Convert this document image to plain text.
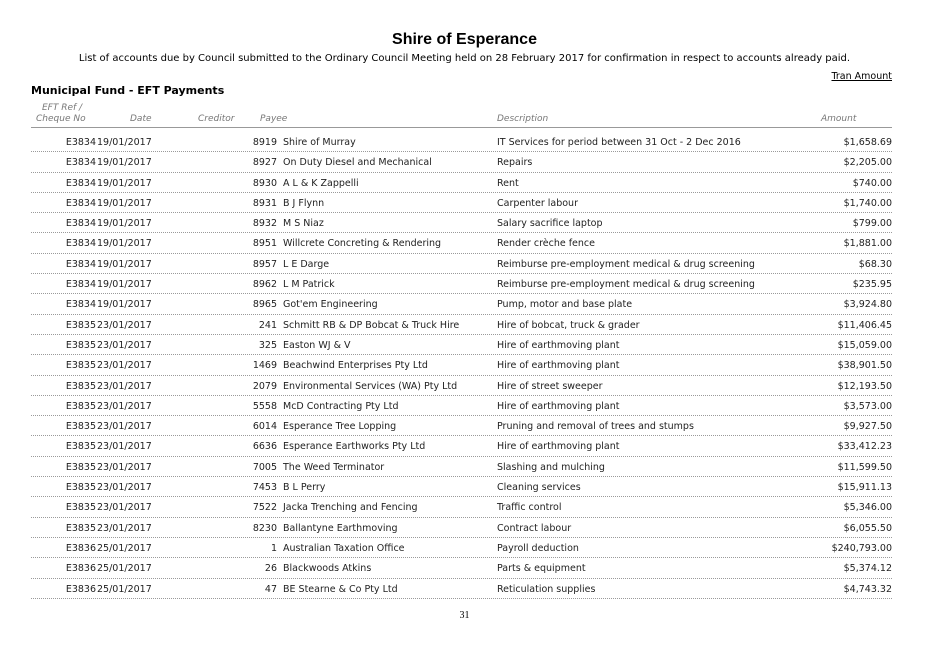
Shire of Esperance
List of accounts due by Council submitted to the Ordinary Council Meeting held on 28 February 2017 for confirmation in respect to accounts already paid.
Tran Amount
Municipal Fund - EFT Payments
EFT Ref /
Cheque No	Date	Creditor	Payee	Description	Amount
E3834 19/01/2017	8919 Shire of Murray	IT Services for period between 31 Oct - 2 Dec 2016	$1,658.69
E3834 19/01/2017	8927 On Duty Diesel and Mechanical	Repairs	$2,205.00
E3834 19/01/2017	8930 A L & K Zappelli	Rent	$740.00
E3834 19/01/2017	8931 B J Flynn	Carpenter labour	$1,740.00
E3834 19/01/2017	8932 M S Niaz	Salary sacrifice laptop	$799.00
E3834 19/01/2017	8951 Willcrete Concreting & Rendering	Render crèche fence	$1,881.00
E3834 19/01/2017	8957 L E Darge	Reimburse pre-employment medical & drug screening	$68.30
E3834 19/01/2017	8962 L M Patrick	Reimburse pre-employment medical & drug screening	$235.95
E3834 19/01/2017	8965 Got'em Engineering	Pump, motor and base plate	$3,924.80
E3835 23/01/2017	241 Schmitt RB & DP Bobcat & Truck Hire	Hire of bobcat, truck & grader	$11,406.45
E3835 23/01/2017	325 Easton WJ & V	Hire of earthmoving plant	$15,059.00
E3835 23/01/2017	1469 Beachwind Enterprises Pty Ltd	Hire of earthmoving plant	$38,901.50
E3835 23/01/2017	2079 Environmental Services (WA) Pty Ltd	Hire of street sweeper	$12,193.50
E3835 23/01/2017	5558 McD Contracting Pty Ltd	Hire of earthmoving plant	$3,573.00
E3835 23/01/2017	6014 Esperance Tree Lopping	Pruning and removal of trees and stumps	$9,927.50
E3835 23/01/2017	6636 Esperance Earthworks Pty Ltd	Hire of earthmoving plant	$33,412.23
E3835 23/01/2017	7005 The Weed Terminator	Slashing and mulching	$11,599.50
E3835 23/01/2017	7453 B L Perry	Cleaning services	$15,911.13
E3835 23/01/2017	7522 Jacka Trenching and Fencing	Traffic control	$5,346.00
E3835 23/01/2017	8230 Ballantyne Earthmoving	Contract labour	$6,055.50
E3836 25/01/2017	1 Australian Taxation Office	Payroll deduction	$240,793.00
E3836 25/01/2017	26 Blackwoods Atkins	Parts & equipment	$5,374.12
E3836 25/01/2017	47 BE Stearne & Co Pty Ltd	Reticulation supplies	$4,743.32
31
